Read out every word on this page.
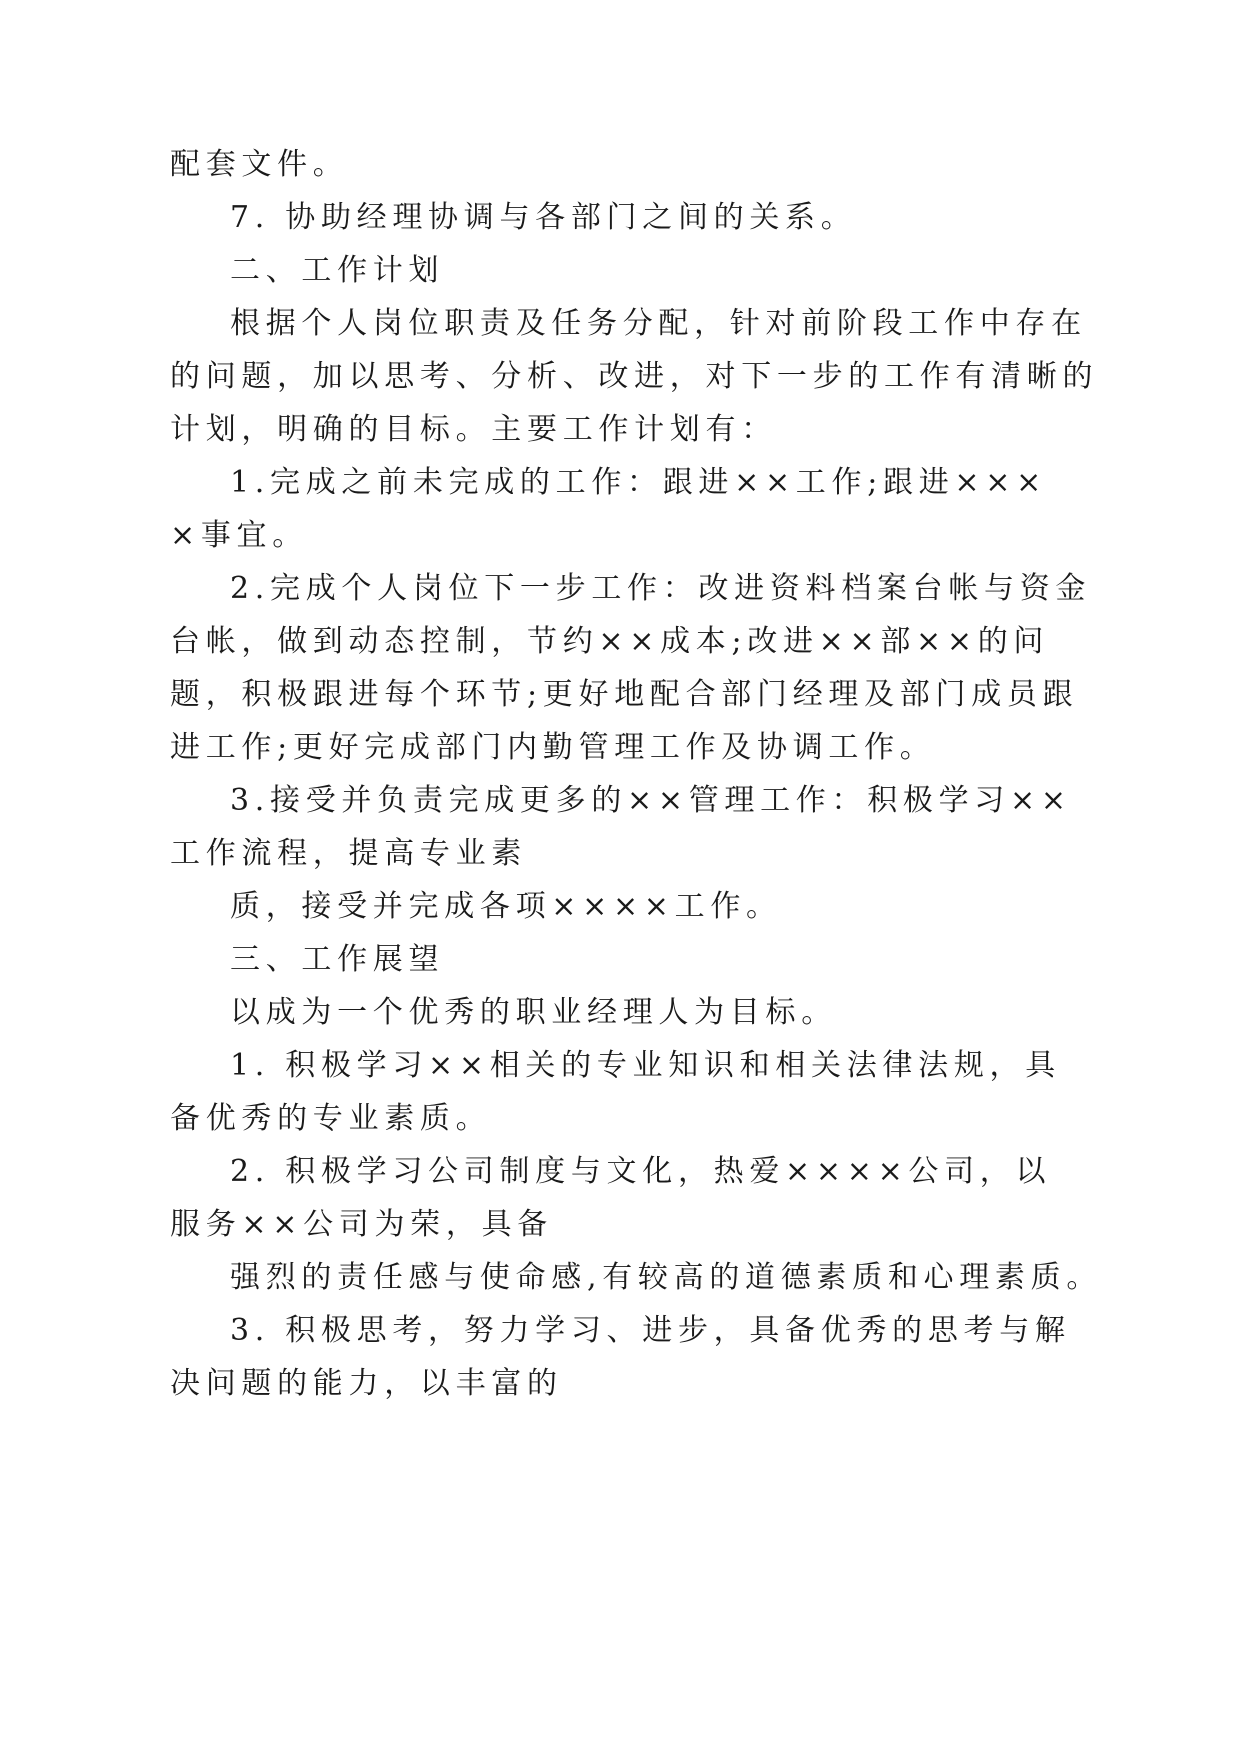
配套文件。
7. 协助经理协调与各部门之间的关系。
二、工作计划
根据个人岗位职责及任务分配，针对前阶段工作中存在
的问题，加以思考、分析、改进，对下一步的工作有清晰的
计划，明确的目标。主要工作计划有：
1.完成之前未完成的工作：跟进××工作;跟进×××
×事宜。
2.完成个人岗位下一步工作：改进资料档案台帐与资金
台帐，做到动态控制，节约××成本;改进××部××的问
题，积极跟进每个环节;更好地配合部门经理及部门成员跟
进工作;更好完成部门内勤管理工作及协调工作。
3.接受并负责完成更多的××管理工作：积极学习××
工作流程，提高专业素
质，接受并完成各项××××工作。
三、工作展望
以成为一个优秀的职业经理人为目标。
1. 积极学习××相关的专业知识和相关法律法规，具
备优秀的专业素质。
2. 积极学习公司制度与文化，热爱××××公司，以
服务××公司为荣，具备
强烈的责任感与使命感,有较高的道德素质和心理素质。
3. 积极思考，努力学习、进步，具备优秀的思考与解
决问题的能力，以丰富的
